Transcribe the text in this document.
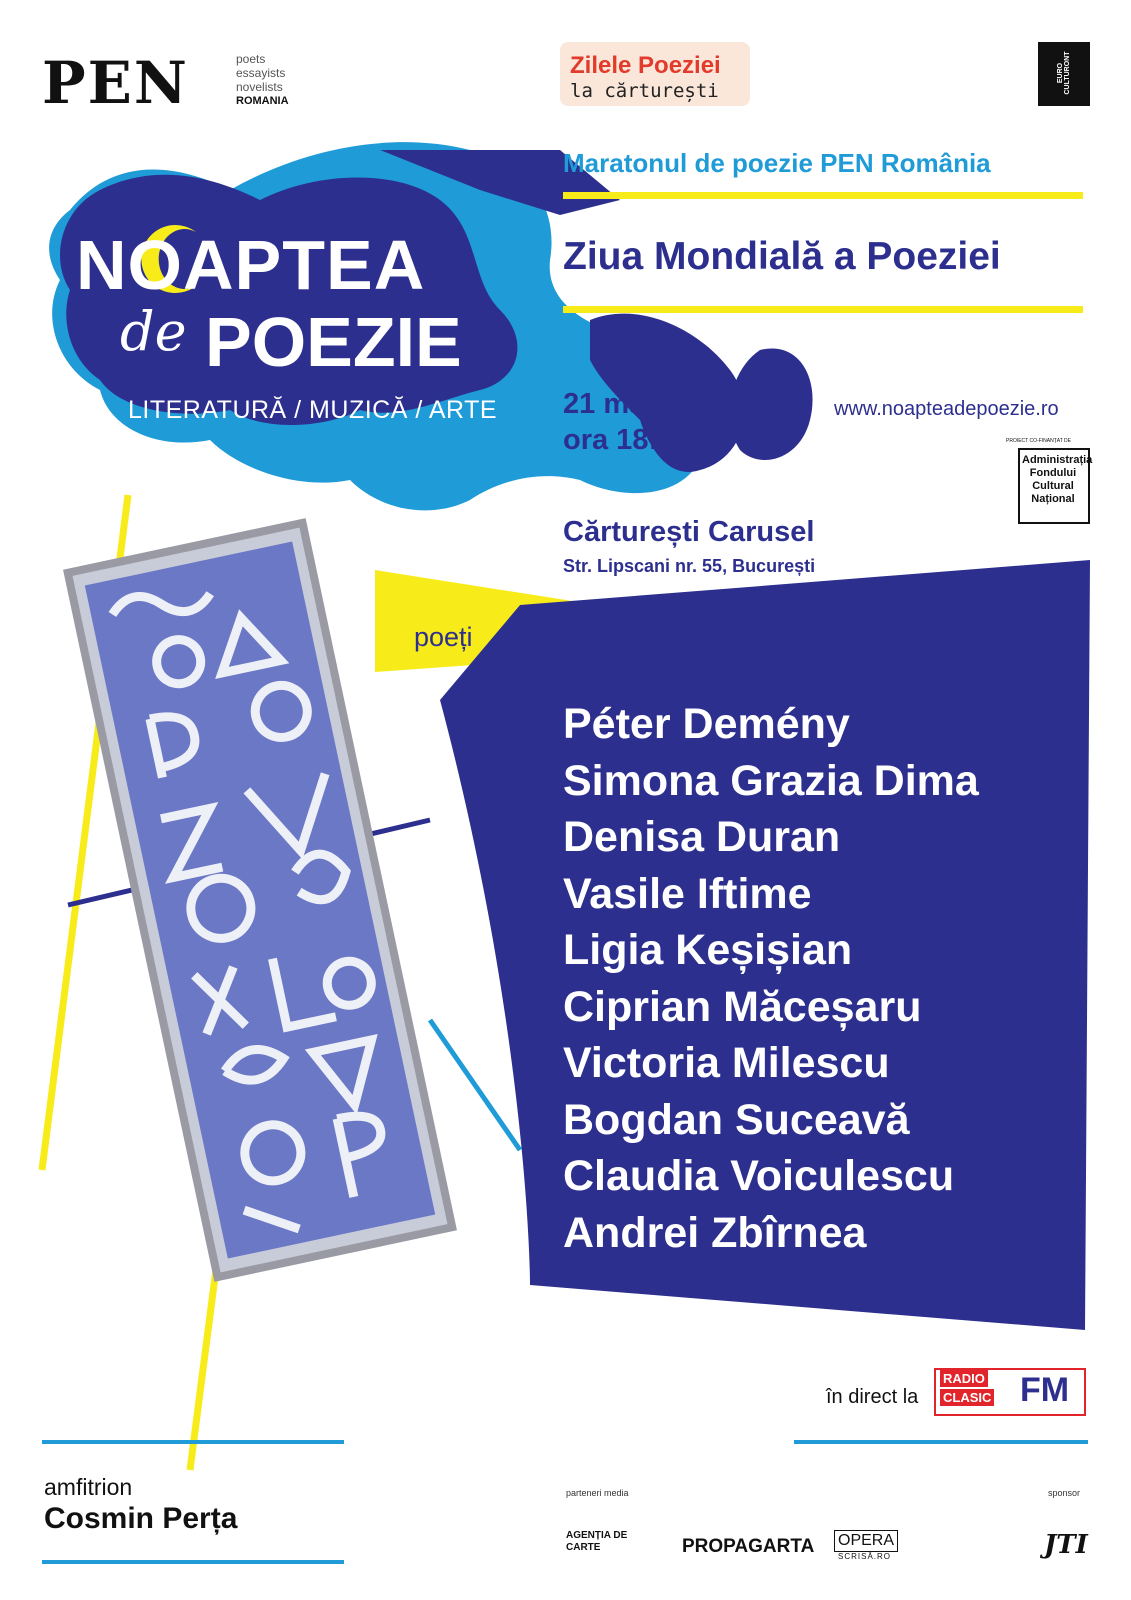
PEN	poets
essayists
novelists
ROMANIA
Zilele Poeziei
la cărturești
EURO CULTURONT
NOAPTEA
de POEZIE
LITERATURĂ / MUZICĂ / ARTE
Maratonul de poezie PEN România
Ziua Mondială a Poeziei
21 martie 2024
ora 18:30
www.noapteadepoezie.ro
PROIECT CO-FINANȚAT DE
Administrația
Fondului
Cultural
Național
Cărturești Carusel
Str. Lipscani nr. 55, București
poeți
Péter Demény
Simona Grazia Dima
Denisa Duran
Vasile Iftime
Ligia Keșișian
Ciprian Măceșaru
Victoria Milescu
Bogdan Suceavă
Claudia Voiculescu
Andrei Zbîrnea
în direct la
RADIO
CLASIC FM
amfitrion
Cosmin Perța
parteneri media	sponsor
AGENȚIA DE CARTE	PROPAGARTA OPERA
SCRISĂ.RO	JTI
